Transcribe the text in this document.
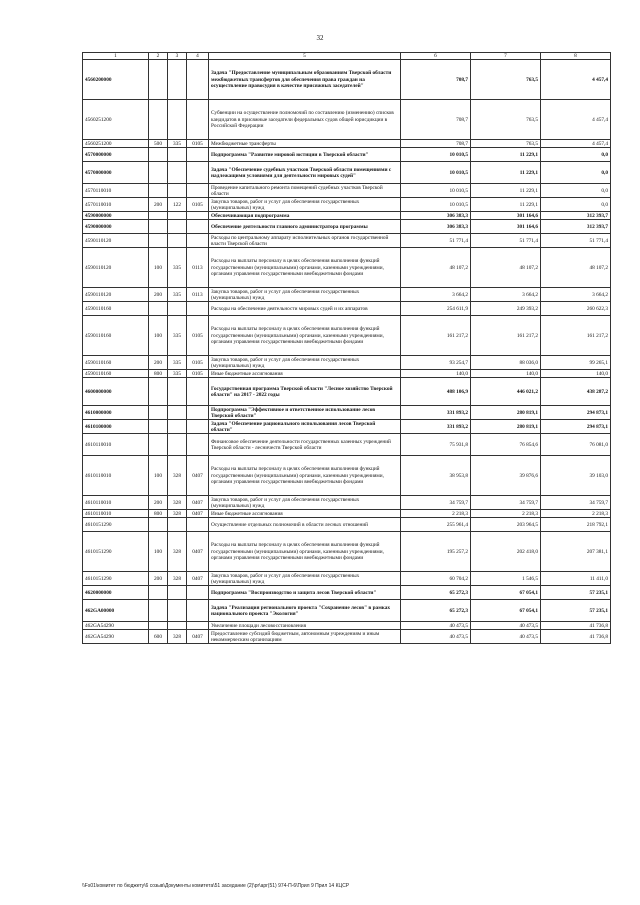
32
1	2	3	4	5	6	7	8
4560200000				Задача "Предоставление муниципальным образованиям Тверской области межбюджетных трансфертов для обеспечения права граждан на осуществление правосудия в качестве присяжных заседателей"	708,7	763,5	4 457,4
4560251200				Субвенции на осуществление полномочий по составлению (изменению) списков кандидатов в присяжные заседатели федеральных судов общей юрисдикции в Российской Федерации	708,7	763,5	4 457,4
4560251200	500	335	0105	Межбюджетные трансферты	708,7	763,5	4 457,4
4570000000				Подпрограмма "Развитие мировой юстиции в Тверской области"	10 010,5	11 229,1	0,0
4570000000				Задача "Обеспечение судебных участков Тверской области помещениями с надлежащими условиями для деятельности мировых судей"	10 010,5	11 229,1	0,0
4570110010				Проведение капитального ремонта помещений судебных участков Тверской области	10 010,5	11 229,1	0,0
4570110010	200	122	0105	Закупка товаров, работ и услуг для обеспечения государственных (муниципальных) нужд	10 010,5	11 229,1	0,0
4590000000				Обеспечивающая подпрограмма	306 383,3	301 164,6	312 393,7
4590000000				Обеспечение деятельности главного администратора программы	306 383,3	301 164,6	312 393,7
4590110120				Расходы по центральному аппарату исполнительных органов государственной власти Тверской области	51 771,4	51 771,4	51 771,4
4590110120	100	335	0113	Расходы на выплаты персоналу в целях обеспечения выполнения функций государственными (муниципальными) органами, казенными учреждениями, органами управления государственными внебюджетными фондами	48 107,2	48 107,2	48 107,2
4590110120	200	335	0113	Закупка товаров, работ и услуг для обеспечения государственных (муниципальных) нужд	3 664,2	3 664,2	3 664,2
4590110160				Расходы на обеспечение деятельности мировых судей и их аппаратов	254 611,9	249 393,2	260 622,3
4590110160	100	335	0105	Расходы на выплаты персоналу в целях обеспечения выполнения функций государственными (муниципальными) органами, казенными учреждениями, органами управления государственными внебюджетными фондами	161 217,2	161 217,2	161 217,2
4590110160	200	335	0105	Закупка товаров, работ и услуг для обеспечения государственных (муниципальных) нужд	93 254,7	88 036,0	99 265,1
4590110160	800	335	0105	Иные бюджетные ассигнования	140,0	140,0	140,0
4600000000				Государственная программа Тверской области "Лесное хозяйство Тверской области" на 2017 - 2022 годы	488 106,9	446 021,2	438 287,2
4610000000				Подпрограмма "Эффективное и ответственное использование лесов Тверской области"	331 893,2	280 819,1	294 873,1
4610100000				Задача "Обеспечение рационального использования лесов Тверской области"	331 893,2	280 819,1	294 873,1
4610110010				Финансовое обеспечение деятельности государственных казенных учреждений Тверской области - лесничеств Тверской области	75 931,8	76 854,6	76 081,0
4610110010	100	328	0407	Расходы на выплаты персоналу в целях обеспечения выполнения функций государственными (муниципальными) органами, казенными учреждениями, органами управления государственными внебюджетными фондами	38 953,8	39 876,6	39 103,0
4610110010	200	328	0407	Закупка товаров, работ и услуг для обеспечения государственных (муниципальных) нужд	34 759,7	34 759,7	34 759,7
4610110010	800	328	0407	Иные бюджетные ассигнования	2 218,3	2 218,3	2 218,3
4610151290				Осуществление отдельных полномочий в области лесных отношений	255 961,4	203 964,5	218 792,1
4610151290	100	328	0407	Расходы на выплаты персоналу в целях обеспечения выполнения функций государственными (муниципальными) органами, казенными учреждениями, органами управления государственными внебюджетными фондами	195 257,2	202 418,0	207 381,1
4610151290	200	328	0407	Закупка товаров, работ и услуг для обеспечения государственных (муниципальных) нужд	60 704,2	1 546,5	11 411,0
4620000000				Подпрограмма "Воспроизводство и защита лесов Тверской области"	65 272,3	67 054,1	57 235,1
462GA00000				Задача "Реализация регионального проекта "Сохранение лесов" в рамках национального проекта "Экология"	65 272,3	67 054,1	57 235,1
462GA54290				Увеличение площади лесовосстановления	40 473,5	40 473,5	41 736,8
462GA54290	600	328	0407	Предоставление субсидий бюджетным, автономным учреждениям и иным некоммерческим организациям	40 473,5	40 473,5	41 736,8
\\Fs01\комитет по бюджету\6 созыв\Документы комитета\51 заседание (2)\pr\apr(51) 974-П-6\Прил 9 Прил 14 КЦСР
